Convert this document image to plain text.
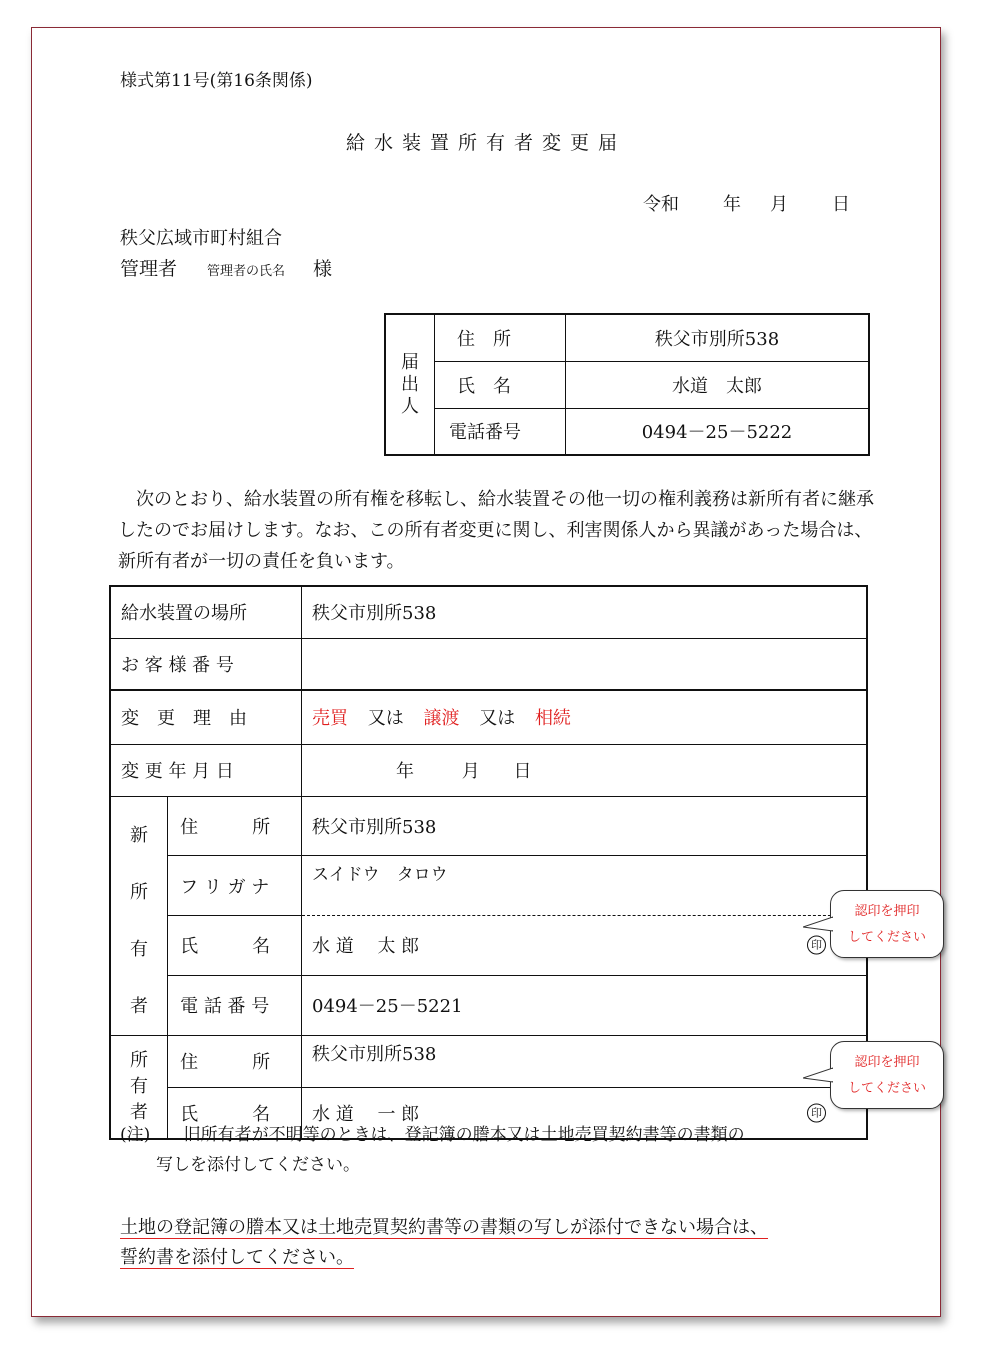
様式第11号(第16条関係)
給水装置所有者変更届
令和 年 月 日
秩父広域市町村組合
管理者 管理者の氏名 様
届
出
人	住　所	秩父市別所538
	氏　名	水道　太郎
	電話番号	0494－25－5222
次のとおり、給水装置の所有権を移転し、給水装置その他一切の権利義務は新所有者に継承したのでお届けします。なお、この所有者変更に関し、利害関係人から異議があった場合は、新所有者が一切の責任を負います。
給水装置の場所		秩父市別所538
お 客 様 番 号		
変　更　理　由		売買 又は 譲渡 又は 相続
変 更 年 月 日		年 月 日
新
所
有
者	住　　　所	秩父市別所538
	フ リ ガ ナ	スイドウ　タロウ
	氏　　　名	水 道　 太 郎 印

	電 話 番 号	0494－25－5221
所
有
者	住　　　所	秩父市別所538
	氏　　　名	水 道　 一 郎 印
(注) 旧所有者が不明等のときは、登記簿の謄本又は土地売買契約書等の書類の
写しを添付してください。
土地の登記簿の謄本又は土地売買契約書等の書類の写しが添付できない場合は、
誓約書を添付してください。
認印を押印
してください
認印を押印
してください
